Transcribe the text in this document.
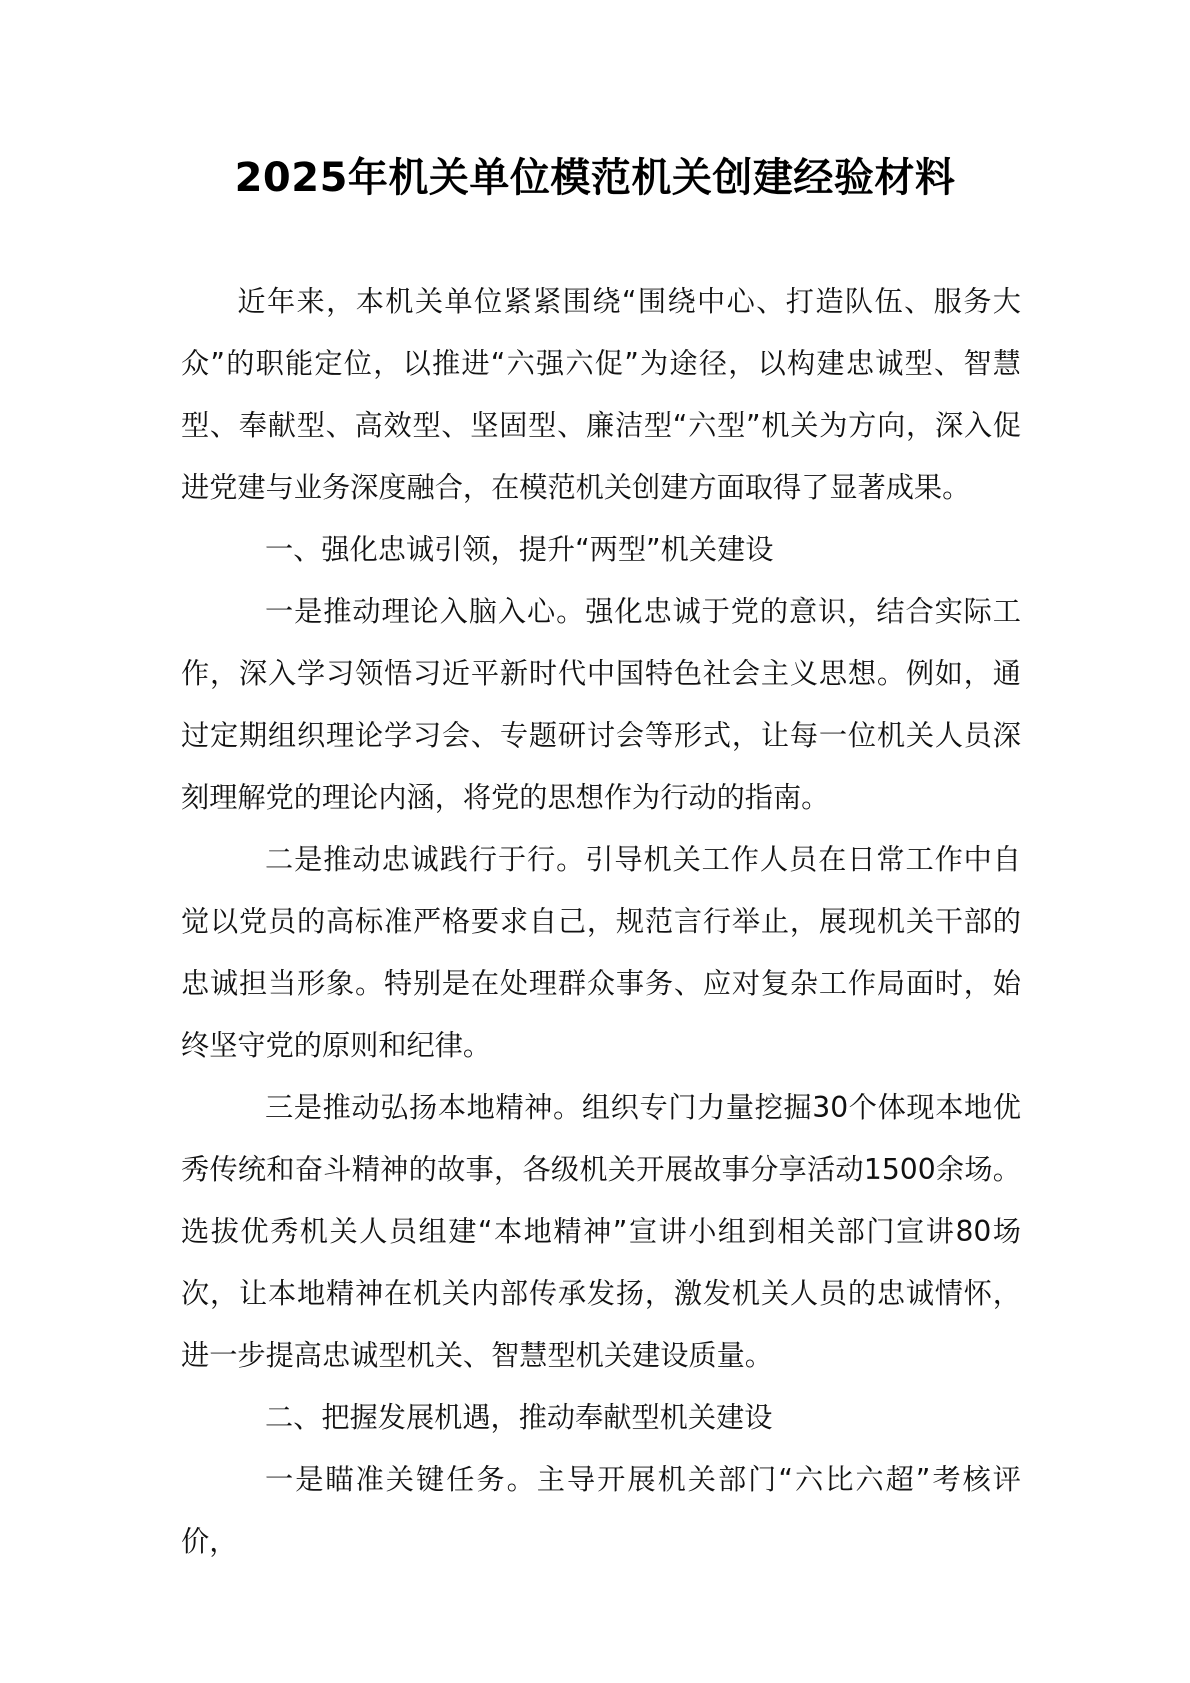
2025年机关单位模范机关创建经验材料

近年来，本机关单位紧紧围绕“围绕中心、打造队伍、服务大众”的职能定位，以推进“六强六促”为途径，以构建忠诚型、智慧型、奉献型、高效型、坚固型、廉洁型“六型”机关为方向，深入促进党建与业务深度融合，在模范机关创建方面取得了显著成果。

一、强化忠诚引领，提升“两型”机关建设

一是推动理论入脑入心。强化忠诚于党的意识，结合实际工作，深入学习领悟习近平新时代中国特色社会主义思想。例如，通过定期组织理论学习会、专题研讨会等形式，让每一位机关人员深刻理解党的理论内涵，将党的思想作为行动的指南。

二是推动忠诚践行于行。引导机关工作人员在日常工作中自觉以党员的高标准严格要求自己，规范言行举止，展现机关干部的忠诚担当形象。特别是在处理群众事务、应对复杂工作局面时，始终坚守党的原则和纪律。

三是推动弘扬本地精神。组织专门力量挖掘30个体现本地优秀传统和奋斗精神的故事，各级机关开展故事分享活动1500余场。选拔优秀机关人员组建“本地精神”宣讲小组到相关部门宣讲80场次，让本地精神在机关内部传承发扬，激发机关人员的忠诚情怀，进一步提高忠诚型机关、智慧型机关建设质量。

二、把握发展机遇，推动奉献型机关建设

一是瞄准关键任务。主导开展机关部门“六比六超”考核评价，
